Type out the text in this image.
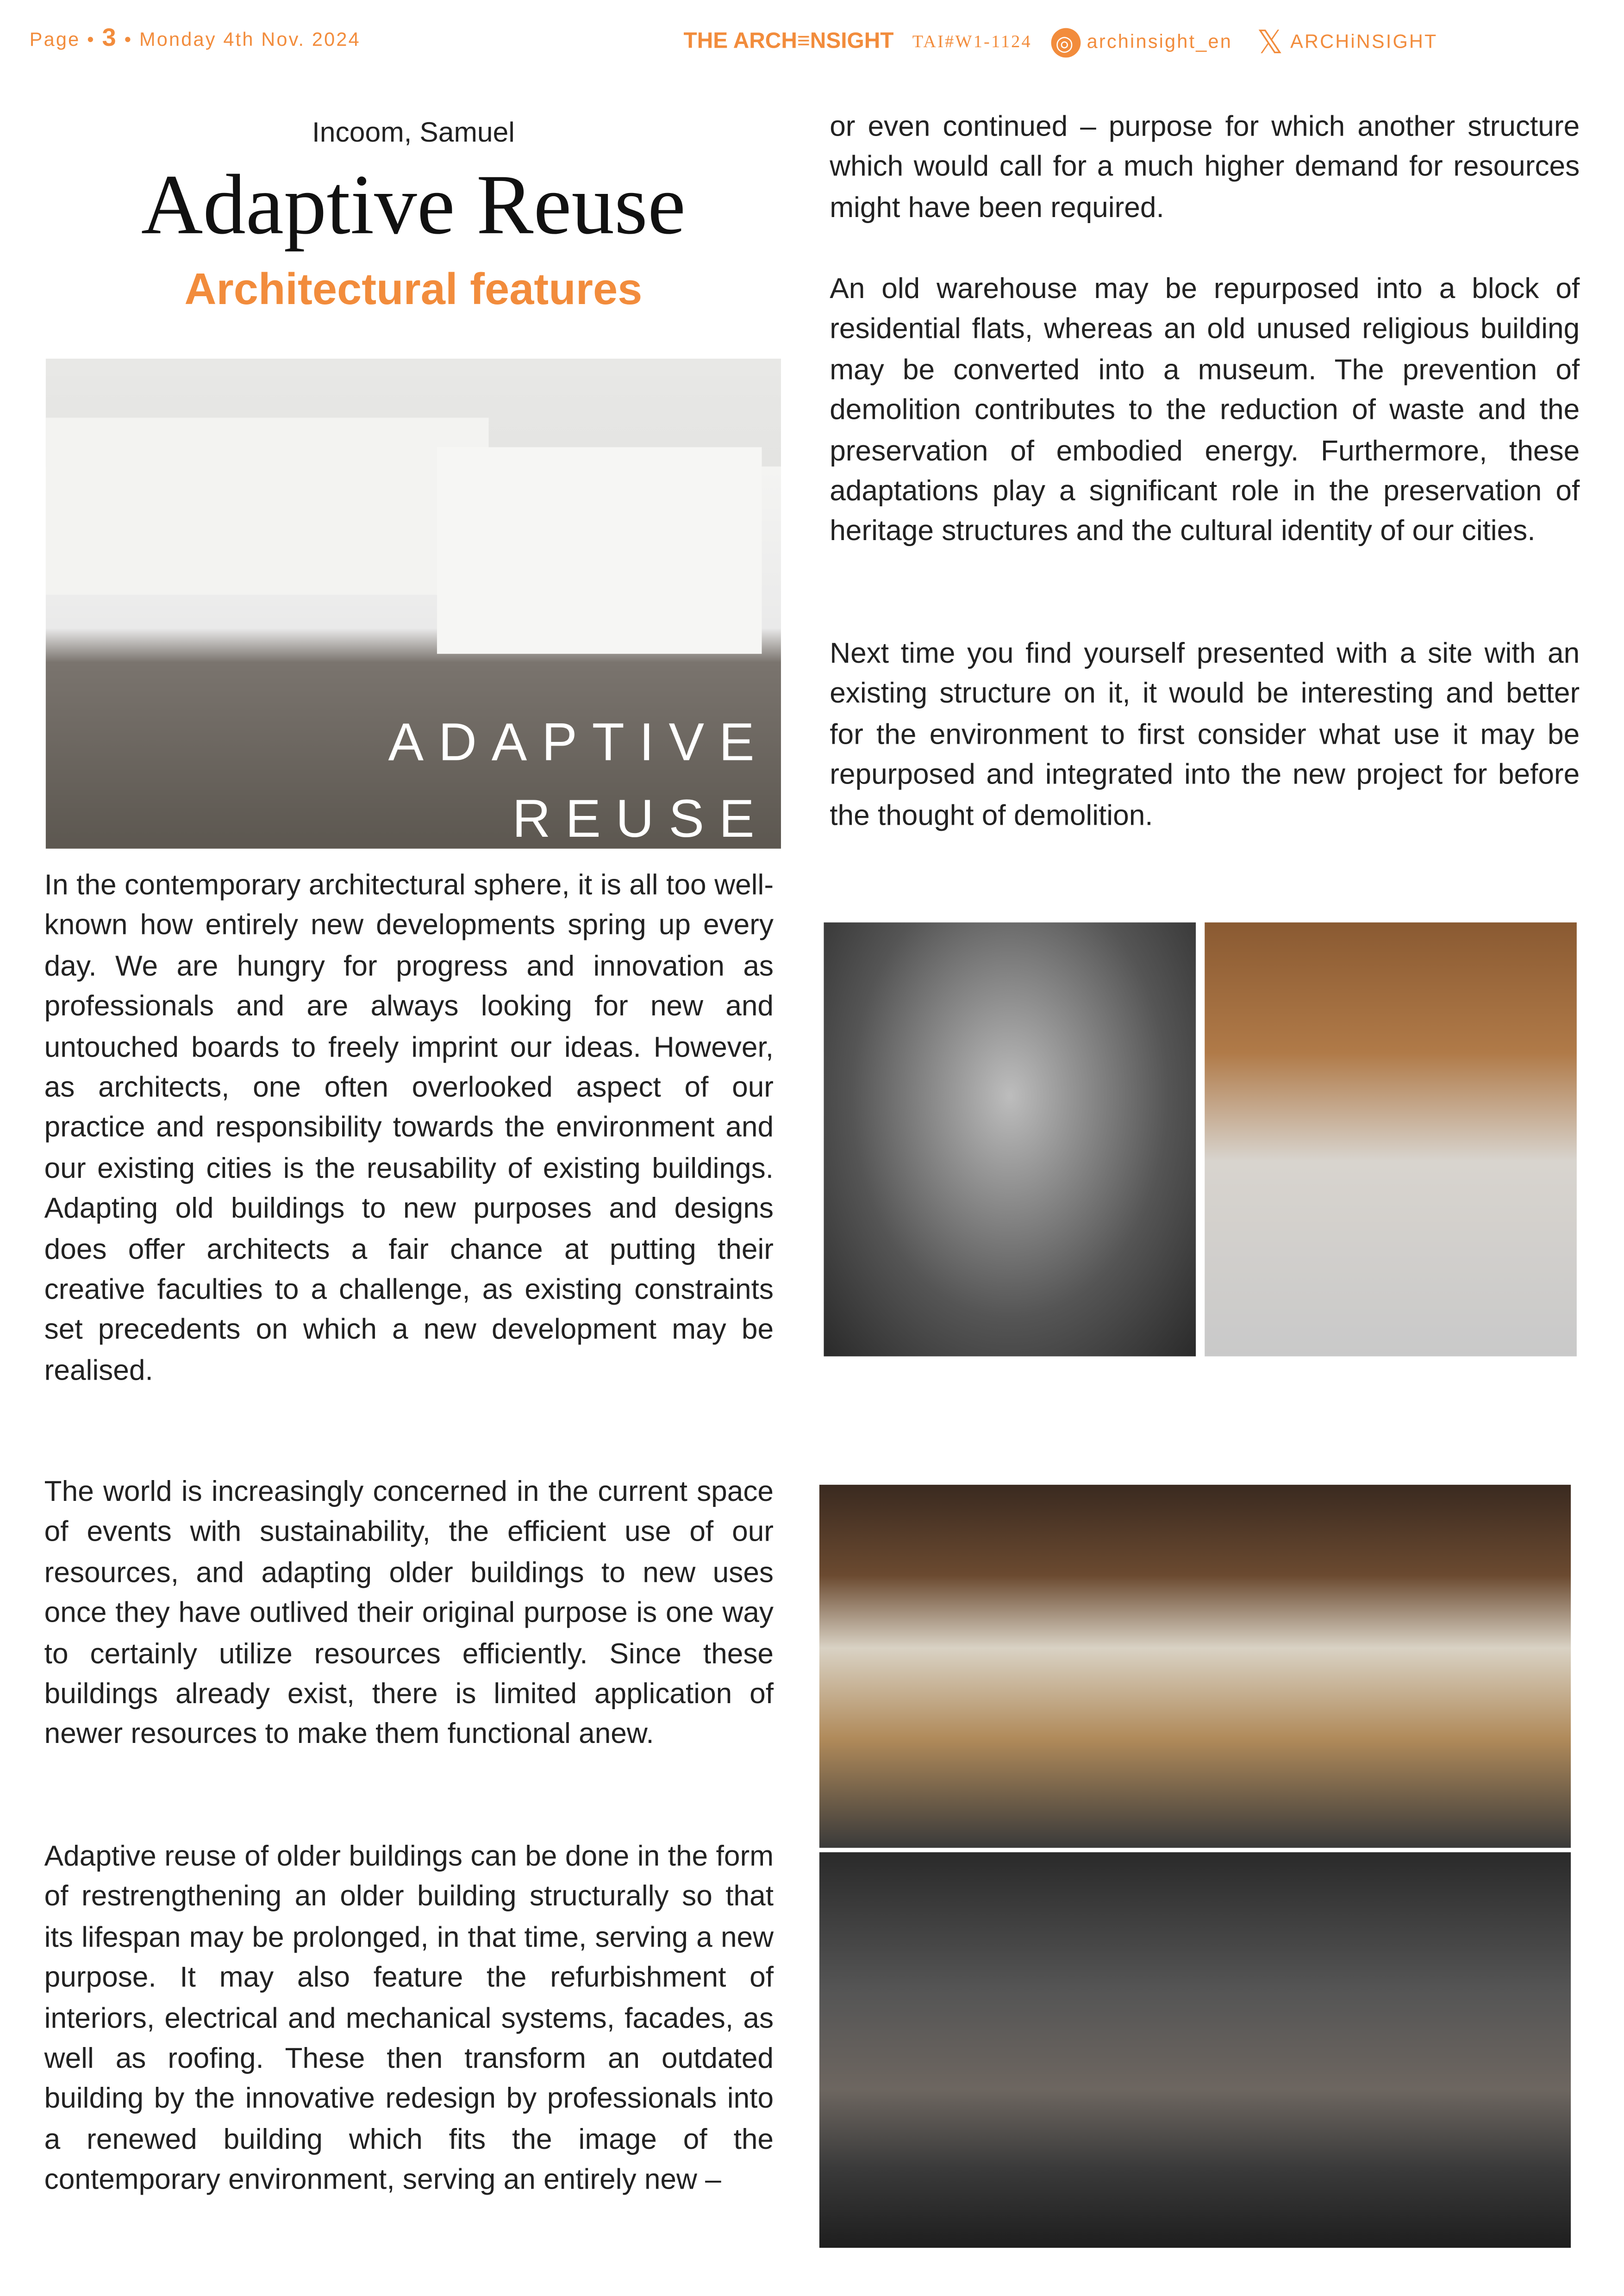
Page • 3 • Monday 4th Nov. 2024	THE ARCH≡NSIGHT	TAI#W1-1124	◎ archinsight_en 𝕏 ARCHiNSIGHT
Incoom, Samuel
Adaptive Reuse
Architectural features
ADAPTIVE
REUSE

In the contemporary architectural sphere, it is all too well-known how entirely new developments spring up every day. We are hungry for progress and innovation as professionals and are always looking for new and untouched boards to freely imprint our ideas. However, as architects, one often overlooked aspect of our practice and responsibility towards the environment and our existing cities is the reusability of existing buildings. Adapting old buildings to new purposes and designs does offer architects a fair chance at putting their creative faculties to a challenge, as existing constraints set precedents on which a new development may be realised.

The world is increasingly concerned in the current space of events with sustainability, the efficient use of our resources, and adapting older buildings to new uses once they have outlived their original purpose is one way to certainly utilize resources efficiently. Since these buildings already exist, there is limited application of newer resources to make them functional anew.

Adaptive reuse of older buildings can be done in the form of restrengthening an older building structurally so that its lifespan may be prolonged, in that time, serving a new purpose. It may also feature the refurbishment of interiors, electrical and mechanical systems, facades, as well as roofing. These then transform an outdated building by the innovative redesign by professionals into a renewed building which fits the image of the contemporary environment, serving an entirely new –

or even continued – purpose for which another structure which would call for a much higher demand for resources might have been required.

An old warehouse may be repurposed into a block of residential flats, whereas an old unused religious building may be converted into a museum. The prevention of demolition contributes to the reduction of waste and the preservation of embodied energy. Furthermore, these adaptations play a significant role in the preservation of heritage structures and the cultural identity of our cities.

Next time you find yourself presented with a site with an existing structure on it, it would be interesting and better for the environment to first consider what use it may be repurposed and integrated into the new project for before the thought of demolition.
